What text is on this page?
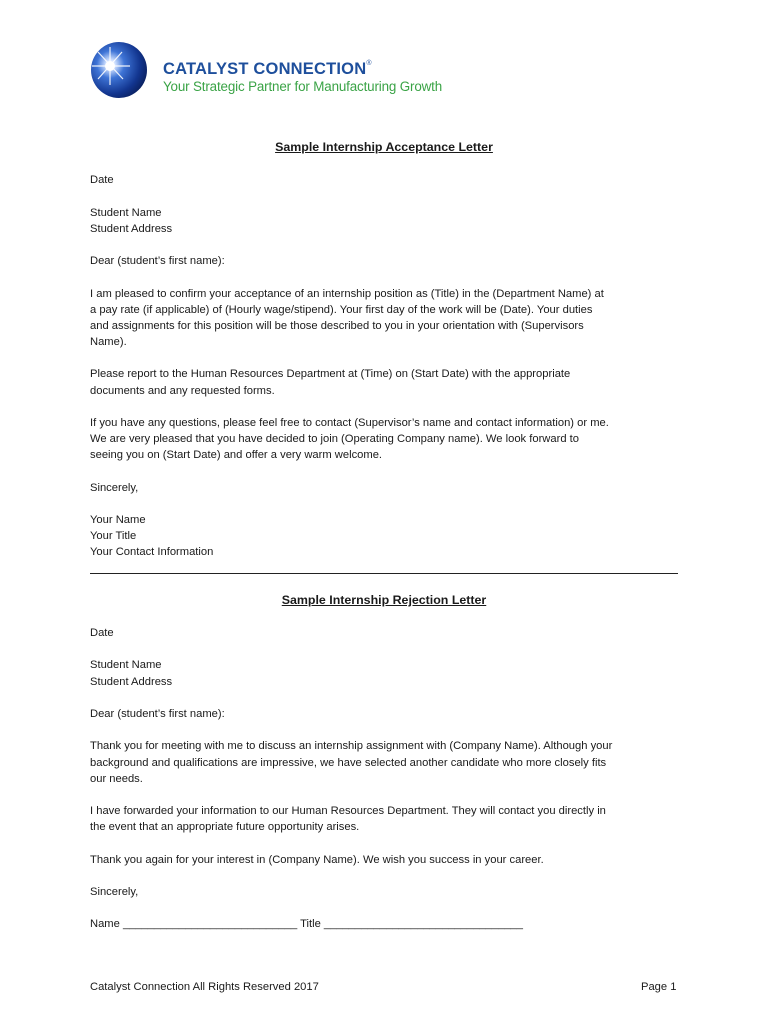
CATALYST CONNECTION®
Your Strategic Partner for Manufacturing Growth
Sample Internship Acceptance Letter
Date
Student Name
Student Address
Dear (student’s first name):
I am pleased to confirm your acceptance of an internship position as (Title) in the (Department Name) at
a pay rate (if applicable) of (Hourly wage/stipend). Your first day of the work will be (Date). Your duties
and assignments for this position will be those described to you in your orientation with (Supervisors
Name).
Please report to the Human Resources Department at (Time) on (Start Date) with the appropriate
documents and any requested forms.
If you have any questions, please feel free to contact (Supervisor’s name and contact information) or me.
We are very pleased that you have decided to join (Operating Company name). We look forward to
seeing you on (Start Date) and offer a very warm welcome.
Sincerely,
Your Name
Your Title
Your Contact Information
Sample Internship Rejection Letter
Date
Student Name
Student Address
Dear (student’s first name):
Thank you for meeting with me to discuss an internship assignment with (Company Name). Although your
background and qualifications are impressive, we have selected another candidate who more closely fits
our needs.
I have forwarded your information to our Human Resources Department. They will contact you directly in
the event that an appropriate future opportunity arises.
Thank you again for your interest in (Company Name). We wish you success in your career.
Sincerely,
Name ____________________________ Title ________________________________
Catalyst Connection All Rights Reserved 2017	Page 1
